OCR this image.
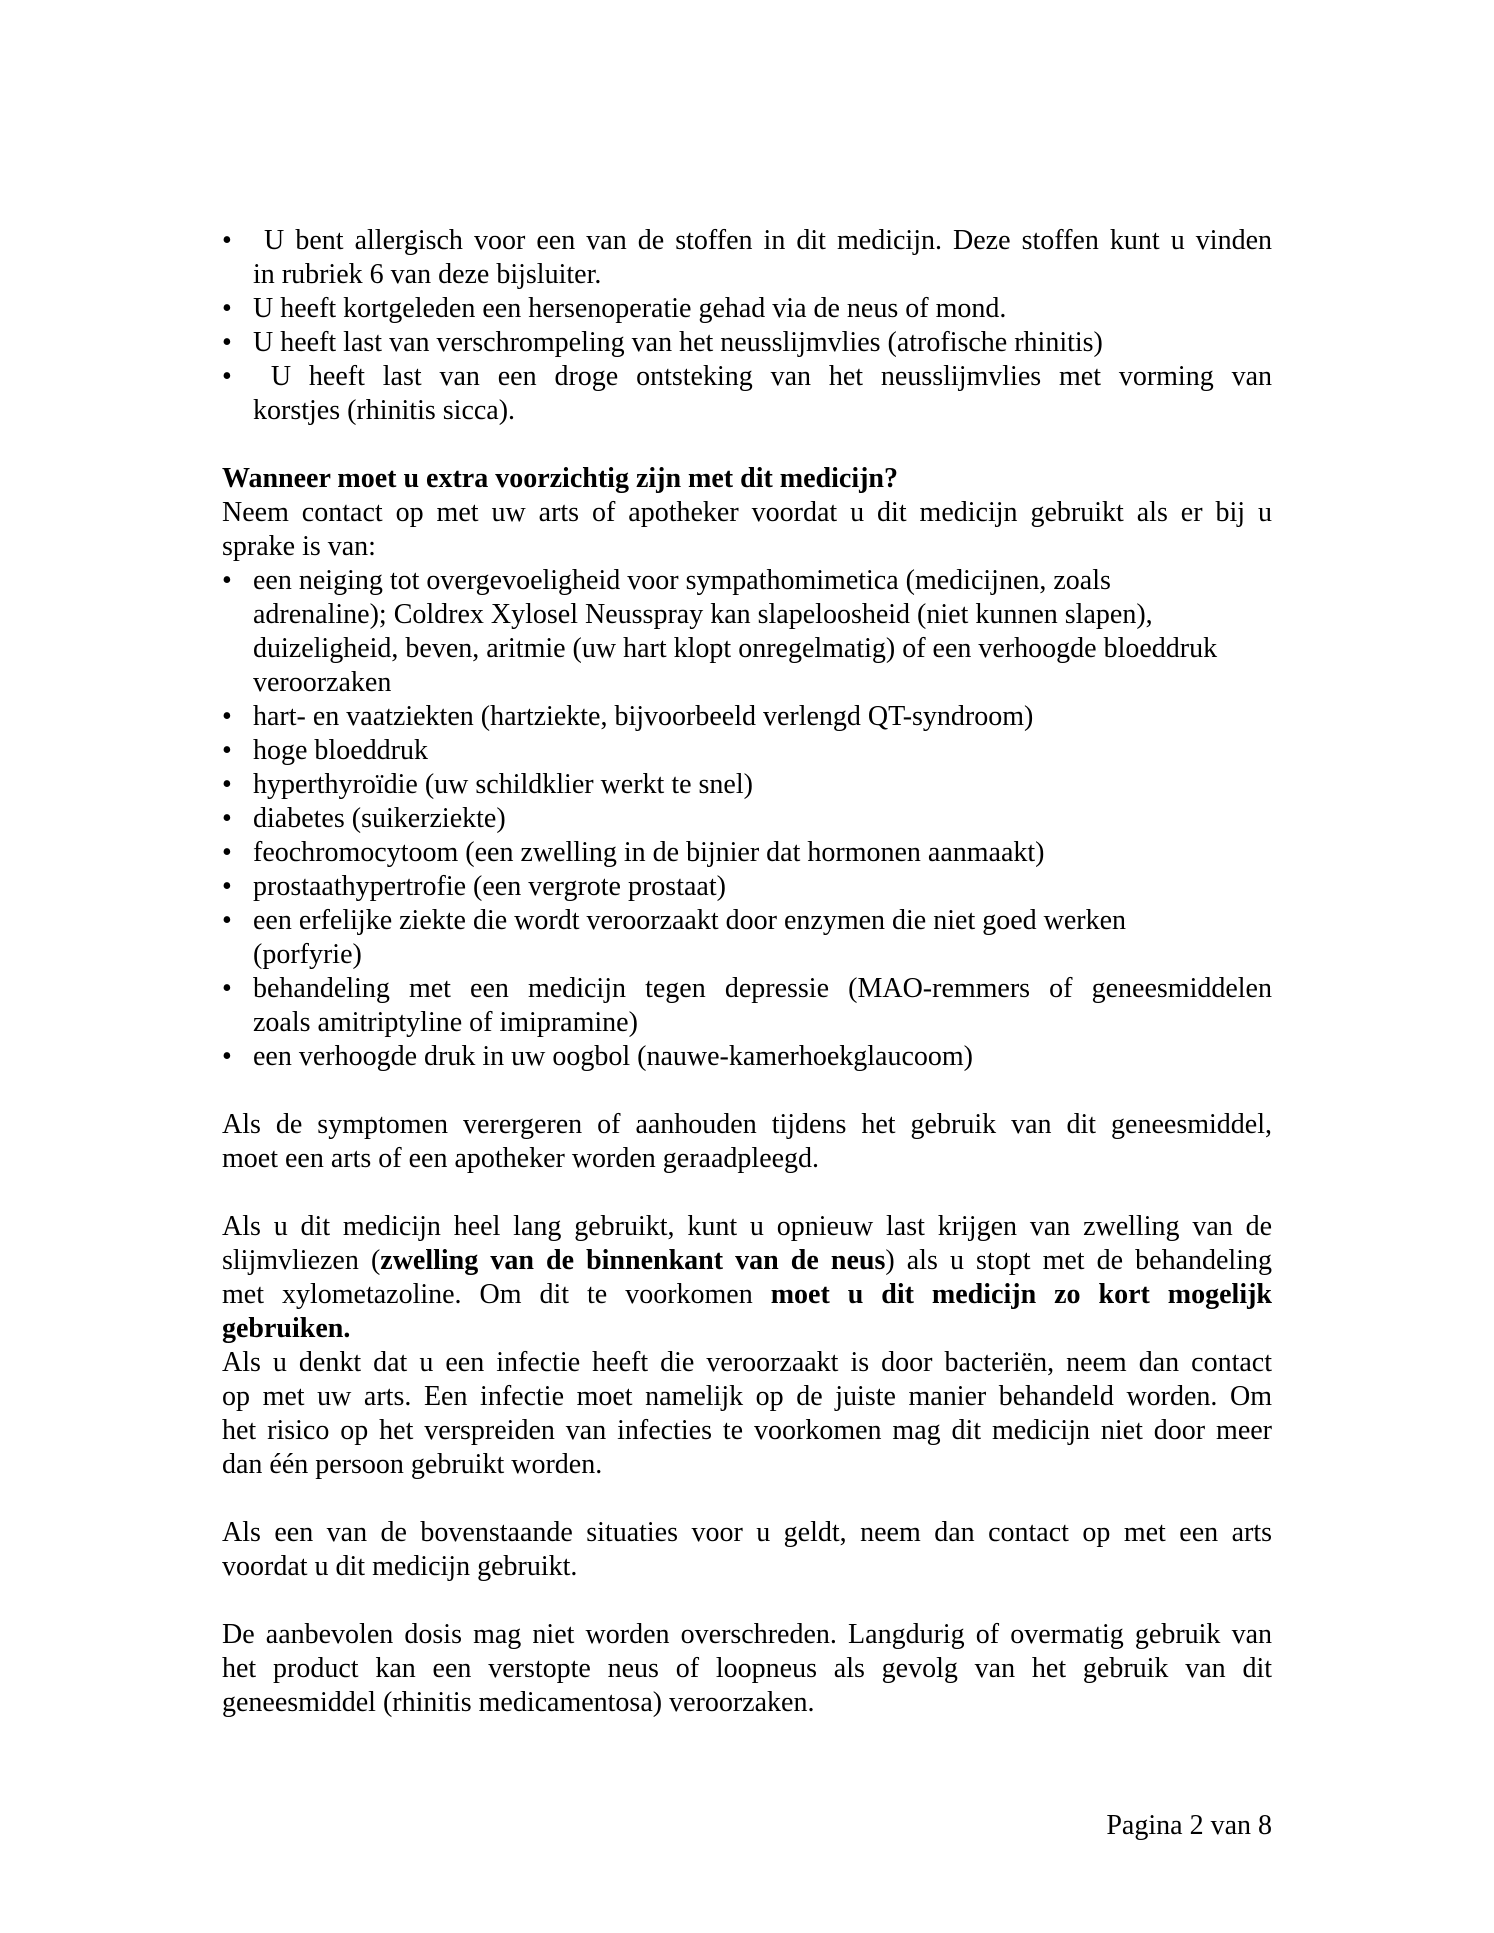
• U bent allergisch voor een van de stoffen in dit medicijn. Deze stoffen kunt u vinden
in rubriek 6 van deze bijsluiter.
• U heeft kortgeleden een hersenoperatie gehad via de neus of mond.
• U heeft last van verschrompeling van het neusslijmvlies (atrofische rhinitis)
• U heeft last van een droge ontsteking van het neusslijmvlies met vorming van
korstjes (rhinitis sicca).
Wanneer moet u extra voorzichtig zijn met dit medicijn?
Neem contact op met uw arts of apotheker voordat u dit medicijn gebruikt als er bij u
sprake is van:
• een neiging tot overgevoeligheid voor sympathomimetica (medicijnen, zoals
adrenaline); Coldrex Xylosel Neusspray kan slapeloosheid (niet kunnen slapen),
duizeligheid, beven, aritmie (uw hart klopt onregelmatig) of een verhoogde bloeddruk
veroorzaken
• hart- en vaatziekten (hartziekte, bijvoorbeeld verlengd QT-syndroom)
• hoge bloeddruk
• hyperthyroïdie (uw schildklier werkt te snel)
• diabetes (suikerziekte)
• feochromocytoom (een zwelling in de bijnier dat hormonen aanmaakt)
• prostaathypertrofie (een vergrote prostaat)
• een erfelijke ziekte die wordt veroorzaakt door enzymen die niet goed werken
(porfyrie)
• behandeling met een medicijn tegen depressie (MAO-remmers of geneesmiddelen
zoals amitriptyline of imipramine)
• een verhoogde druk in uw oogbol (nauwe-kamerhoekglaucoom)
Als de symptomen verergeren of aanhouden tijdens het gebruik van dit geneesmiddel,
moet een arts of een apotheker worden geraadpleegd.
Als u dit medicijn heel lang gebruikt, kunt u opnieuw last krijgen van zwelling van de
slijmvliezen (zwelling van de binnenkant van de neus) als u stopt met de behandeling
met xylometazoline. Om dit te voorkomen moet u dit medicijn zo kort mogelijk
gebruiken.
Als u denkt dat u een infectie heeft die veroorzaakt is door bacteriën, neem dan contact
op met uw arts. Een infectie moet namelijk op de juiste manier behandeld worden. Om
het risico op het verspreiden van infecties te voorkomen mag dit medicijn niet door meer
dan één persoon gebruikt worden.
Als een van de bovenstaande situaties voor u geldt, neem dan contact op met een arts
voordat u dit medicijn gebruikt.
De aanbevolen dosis mag niet worden overschreden. Langdurig of overmatig gebruik van
het product kan een verstopte neus of loopneus als gevolg van het gebruik van dit
geneesmiddel (rhinitis medicamentosa) veroorzaken.
Pagina 2 van 8
